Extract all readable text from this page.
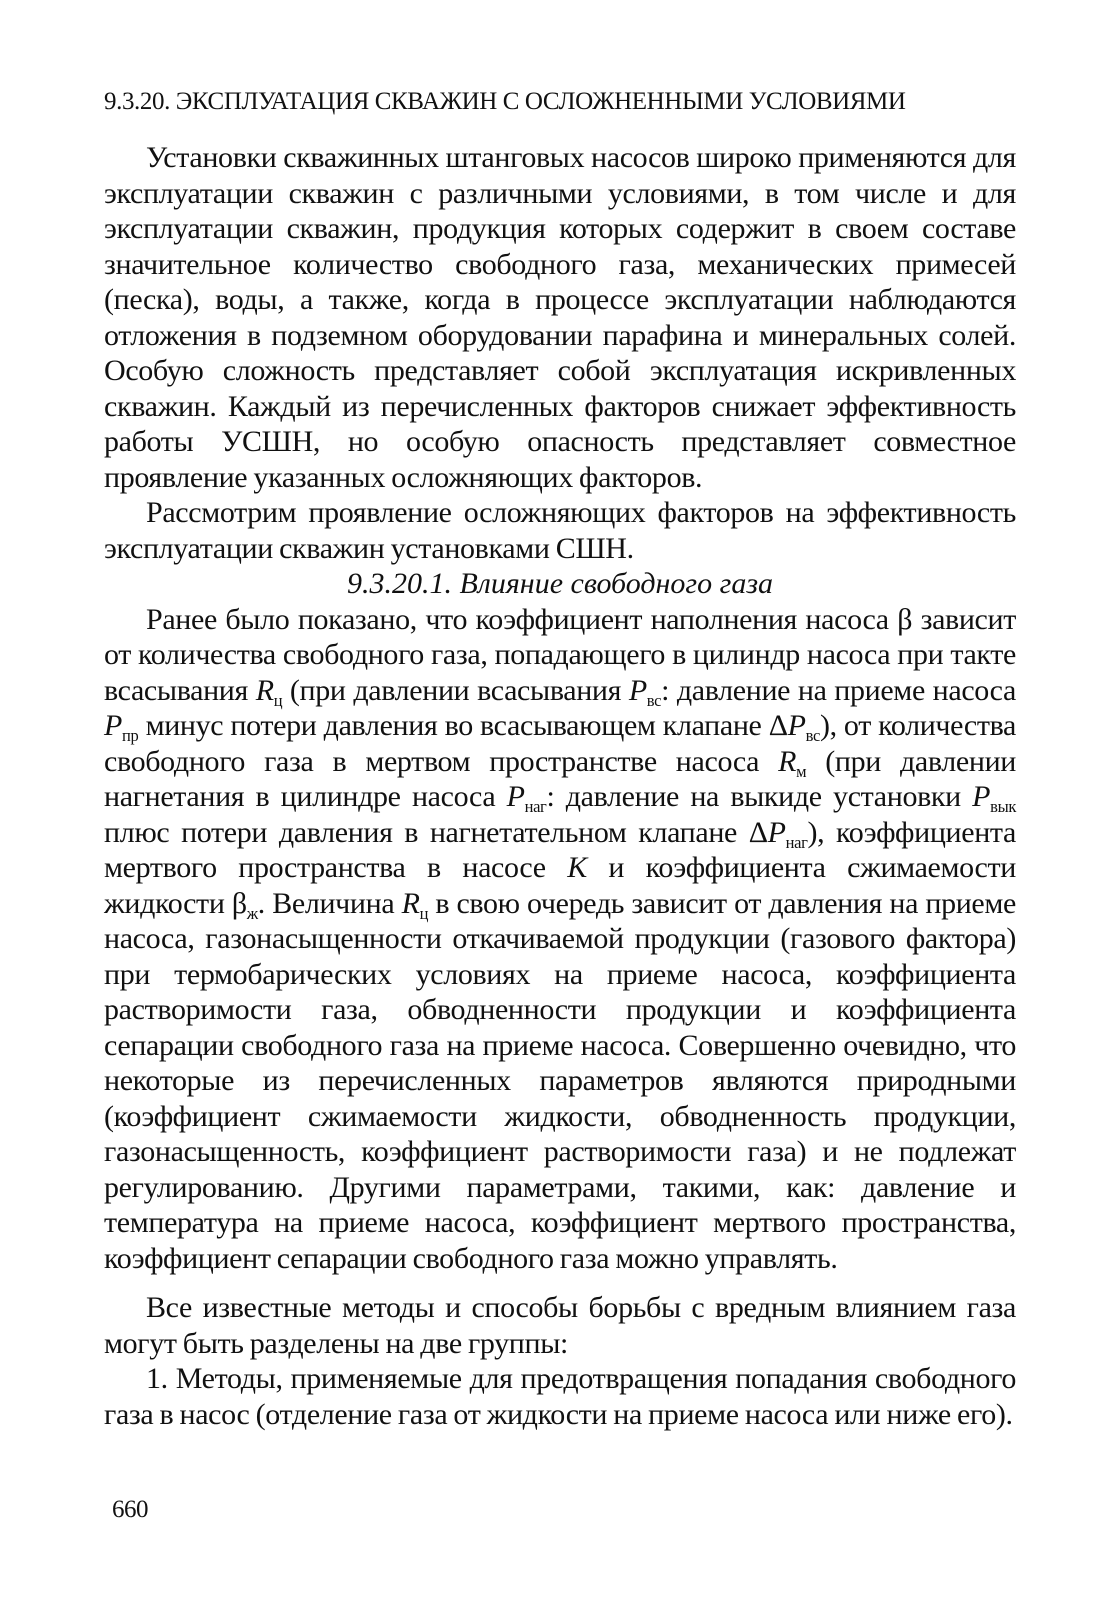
9.3.20. ЭКСПЛУАТАЦИЯ СКВАЖИН С ОСЛОЖНЕННЫМИ УСЛОВИЯМИ

Установки скважинных штанговых насосов широко применяются для эксплуатации скважин с различными условиями, в том числе и для эксплуатации скважин, продукция которых содержит в своем составе значительное количество свободного газа, механических примесей (песка), воды, а также, когда в процессе эксплуатации наблюдаются отложения в подземном оборудовании парафина и минеральных солей. Особую сложность представляет собой эксплуатация искривленных скважин. Каждый из перечисленных факторов снижает эффективность работы УСШН, но особую опасность представляет совместное проявление указанных осложняющих факторов.

Рассмотрим проявление осложняющих факторов на эффективность эксплуатации скважин установками СШН.

9.3.20.1. Влияние свободного газа

Ранее было показано, что коэффициент наполнения насоса β зависит от количества свободного газа, попадающего в цилиндр насоса при такте всасывания $R_ц$ (при давлении всасывания $P_{вс}$: давление на приеме насоса $P_{пр}$ минус потери давления во всасывающем клапане $\Delta P_{вс}$), от количества свободного газа в мертвом пространстве насоса $R_м$ (при давлении нагнетания в цилиндре насоса $P_{наг}$: давление на выкиде установки $P_{вык}$ плюс потери давления в нагнетательном клапане $\Delta P_{наг}$), коэффициента мертвого пространства в насосе K и коэффициента сжимаемости жидкости $\beta_ж$. Величина $R_ц$ в свою очередь зависит от давления на приеме насоса, газонасыщенности откачиваемой продукции (газового фактора) при термобарических условиях на приеме насоса, коэффициента растворимости газа, обводненности продукции и коэффициента сепарации свободного газа на приеме насоса. Совершенно очевидно, что некоторые из перечисленных параметров являются природными (коэффициент сжимаемости жидкости, обводненность продукции, газонасыщенность, коэффициент растворимости газа) и не подлежат регулированию. Другими параметрами, такими, как: давление и температура на приеме насоса, коэффициент мертвого пространства, коэффициент сепарации свободного газа можно управлять.

Все известные методы и способы борьбы с вредным влиянием газа могут быть разделены на две группы:

1. Методы, применяемые для предотвращения попадания свободного газа в насос (отделение газа от жидкости на приеме насоса или ниже его).

660
